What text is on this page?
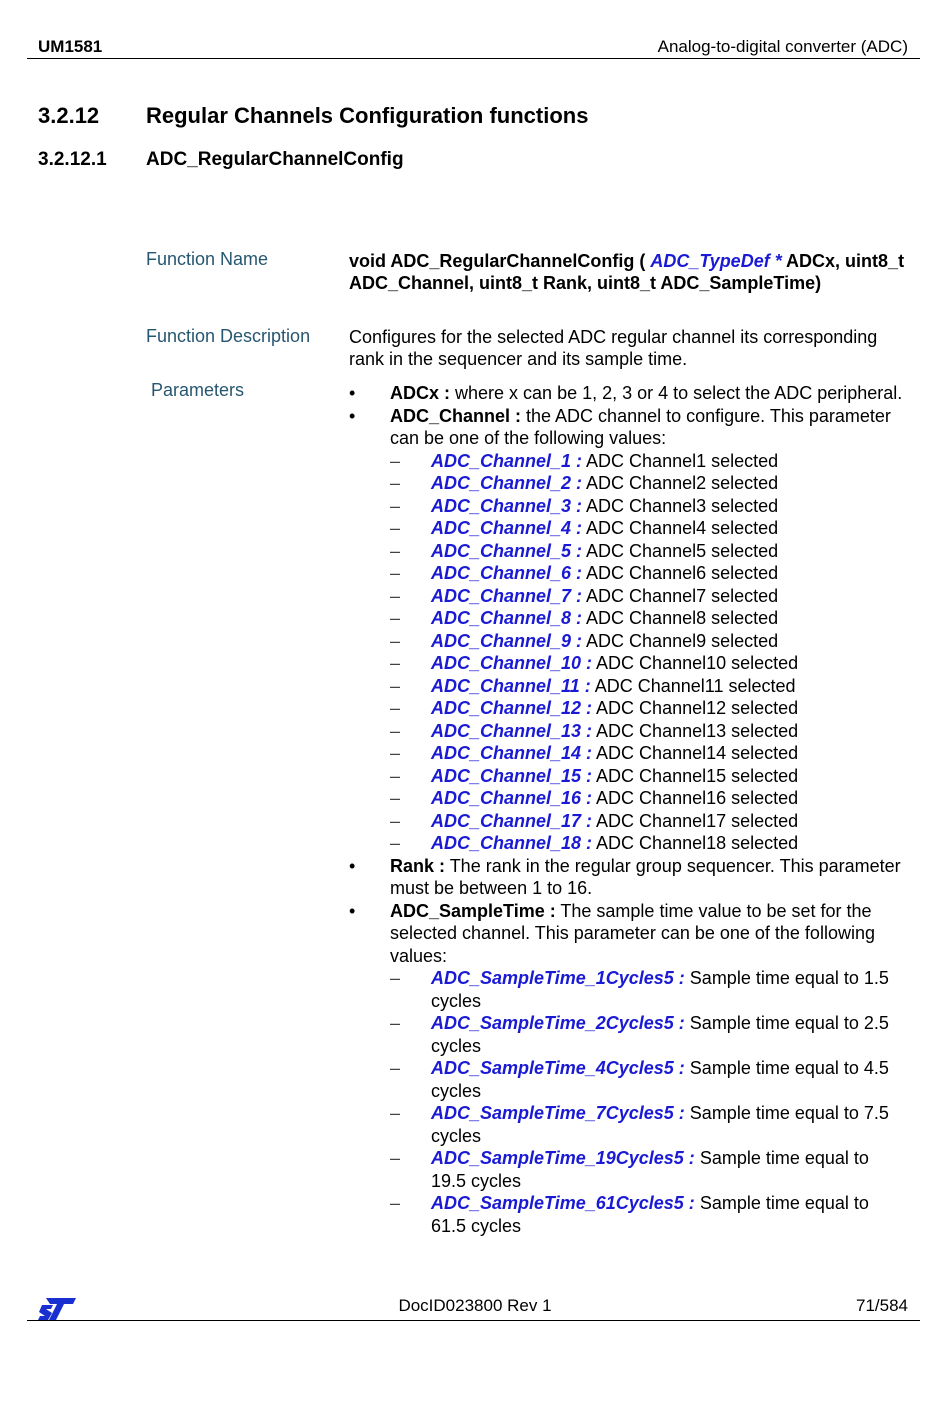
UM1581	Analog-to-digital converter (ADC)
3.2.12 Regular Channels Configuration functions
3.2.12.1 ADC_RegularChannelConfig
Function Name	void ADC_RegularChannelConfig ( ADC_TypeDef * ADCx, uint8_t ADC_Channel, uint8_t Rank, uint8_t ADC_SampleTime)
Function Description Configures for the selected ADC regular channel its corresponding rank in the sequencer and its sample time.
Parameters
•	ADCx : where x can be 1, 2, 3 or 4 to select the ADC peripheral.
• ADC_Channel : the ADC channel to configure. This parameter can be one of the following values:
– ADC_Channel_1 : ADC Channel1 selected
– ADC_Channel_2 : ADC Channel2 selected
– ADC_Channel_3 : ADC Channel3 selected
– ADC_Channel_4 : ADC Channel4 selected
– ADC_Channel_5 : ADC Channel5 selected
– ADC_Channel_6 : ADC Channel6 selected
– ADC_Channel_7 : ADC Channel7 selected
– ADC_Channel_8 : ADC Channel8 selected
– ADC_Channel_9 : ADC Channel9 selected
– ADC_Channel_10 : ADC Channel10 selected
– ADC_Channel_11 : ADC Channel11 selected
– ADC_Channel_12 : ADC Channel12 selected
– ADC_Channel_13 : ADC Channel13 selected
– ADC_Channel_14 : ADC Channel14 selected
– ADC_Channel_15 : ADC Channel15 selected
– ADC_Channel_16 : ADC Channel16 selected
– ADC_Channel_17 : ADC Channel17 selected
– ADC_Channel_18 : ADC Channel18 selected
• Rank : The rank in the regular group sequencer. This parameter must be between 1 to 16.
• ADC_SampleTime : The sample time value to be set for the selected channel. This parameter can be one of the following values:
– ADC_SampleTime_1Cycles5 : Sample time equal to 1.5 cycles
– ADC_SampleTime_2Cycles5 : Sample time equal to 2.5 cycles
– ADC_SampleTime_4Cycles5 : Sample time equal to 4.5 cycles
– ADC_SampleTime_7Cycles5 : Sample time equal to 7.5 cycles
– ADC_SampleTime_19Cycles5 : Sample time equal to 19.5 cycles
– ADC_SampleTime_61Cycles5 : Sample time equal to 61.5 cycles
DocID023800 Rev 1	71/584
